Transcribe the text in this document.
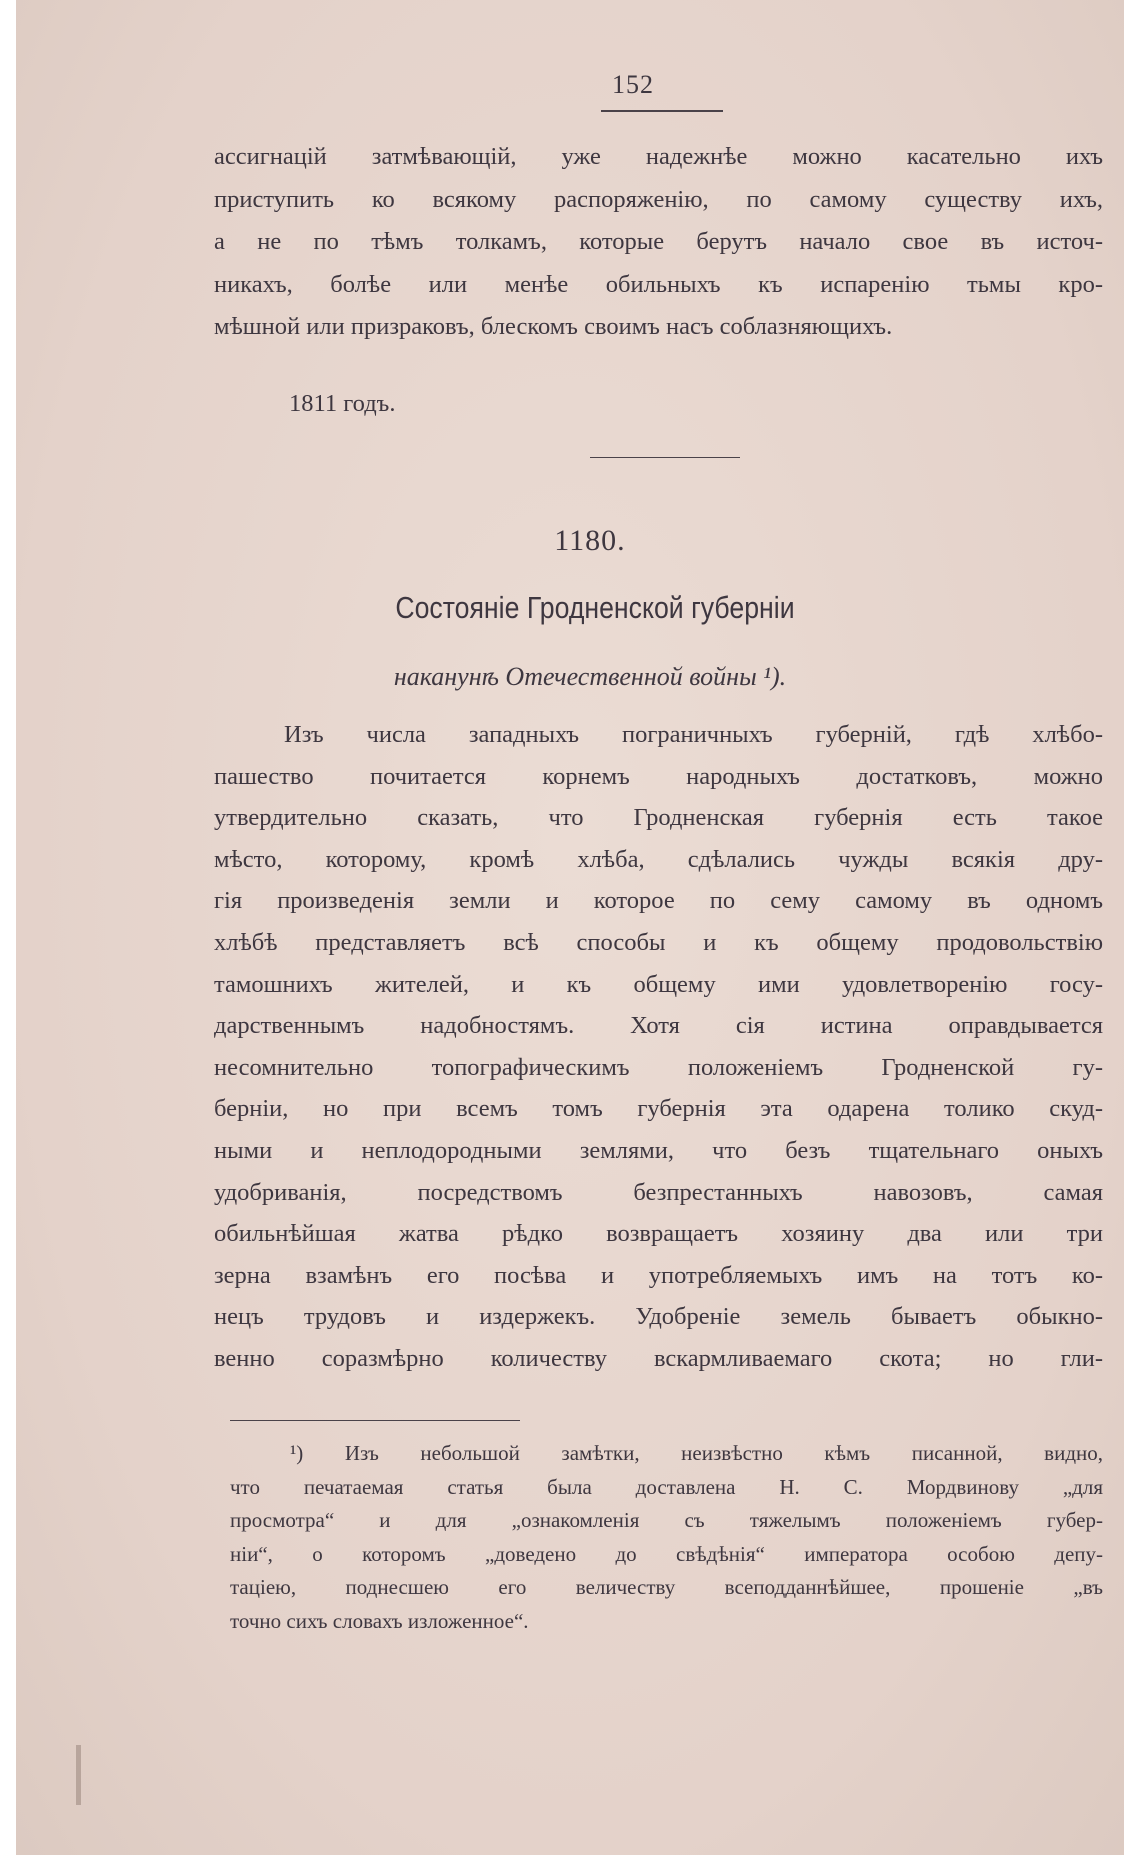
152

ассигнацій затмѣвающій, уже надежнѣе можно касательно ихъ
приступить ко всякому распоряженію, по самому существу ихъ,
а не по тѣмъ толкамъ, которые берутъ начало свое въ источ-
никахъ, болѣе или менѣе обильныхъ къ испаренію тьмы кро-
мѣшной или призраковъ, блескомъ своимъ насъ соблазняющихъ.

1811 годъ.
1180.
Состояніе Гродненской губерніи
наканунѣ Отечественной войны ¹).

Изъ числа западныхъ пограничныхъ губерній, гдѣ хлѣбо-
пашество почитается корнемъ народныхъ достатковъ, можно
утвердительно сказать, что Гродненская губернія есть такое
мѣсто, которому, кромѣ хлѣба, сдѣлались чужды всякія дру-
гія произведенія земли и которое по сему самому въ одномъ
хлѣбѣ представляетъ всѣ способы и къ общему продовольствію
тамошнихъ жителей, и къ общему ими удовлетворенію госу-
дарственнымъ надобностямъ. Хотя сія истина оправдывается
несомнительно топографическимъ положеніемъ Гродненской гу-
берніи, но при всемъ томъ губернія эта одарена толико скуд-
ными и неплодородными землями, что безъ тщательнаго оныхъ
удобриванія, посредствомъ безпрестанныхъ навозовъ, самая
обильнѣйшая жатва рѣдко возвращаетъ хозяину два или три
зерна взамѣнъ его посѣва и употребляемыхъ имъ на тотъ ко-
нецъ трудовъ и издержекъ. Удобреніе земель бываетъ обыкно-
венно соразмѣрно количеству вскармливаемаго скота; но гли-

¹) Изъ небольшой замѣтки, неизвѣстно кѣмъ писанной, видно,
что печатаемая статья была доставлена Н. С. Мордвинову „для
просмотра“ и для „ознакомленія съ тяжелымъ положеніемъ губер-
ніи“, о которомъ „доведено до свѣдѣнія“ императора особою депу-
таціею, поднесшею его величеству всеподданнѣйшее, прошеніе „въ
точно сихъ словахъ изложенное“.
